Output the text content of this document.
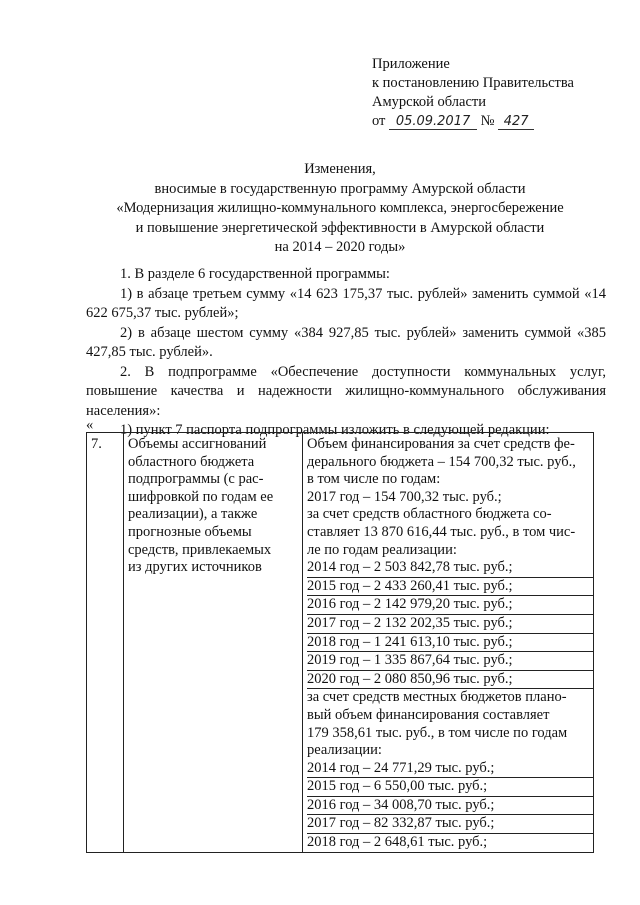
Приложение
к постановлению Правительства
Амурской области
от 05.09.2017 № 427
Изменения,
вносимые в государственную программу Амурской области
«Модернизация жилищно-коммунального комплекса, энергосбережение
и повышение энергетической эффективности в Амурской области
на 2014 – 2020 годы»

1. В разделе 6 государственной программы:

1) в абзаце третьем сумму «14 623 175,37 тыс. рублей» заменить суммой «14 622 675,37 тыс. рублей»;

2) в абзаце шестом сумму «384 927,85 тыс. рублей» заменить суммой «385 427,85 тыс. рублей».

2. В подпрограмме «Обеспечение доступности коммунальных услуг, повышение качества и надежности жилищно-коммунального обслуживания населения»:

1) пункт 7 паспорта подпрограммы изложить в следующей редакции:

«
7.	Объемы ассигнований
областного бюджета
подпрограммы (с рас-
шифровкой по годам ее
реализации), а также
прогнозные объемы
средств, привлекаемых
из других источников

Объем финансирования за счет средств фе-
дерального бюджета – 154 700,32 тыс. руб.,
в том числе по годам:
2017 год – 154 700,32 тыс. руб.;
за счет средств областного бюджета со-
ставляет 13 870 616,44 тыс. руб., в том чис-
ле по годам реализации:
2014 год – 2 503 842,78 тыс. руб.;
2015 год – 2 433 260,41 тыс. руб.;
2016 год – 2 142 979,20 тыс. руб.;
2017 год – 2 132 202,35 тыс. руб.;
2018 год – 1 241 613,10 тыс. руб.;
2019 год – 1 335 867,64 тыс. руб.;
2020 год – 2 080 850,96 тыс. руб.;
за счет средств местных бюджетов плано-
вый объем финансирования составляет
179 358,61 тыс. руб., в том числе по годам
реализации:
2014 год – 24 771,29 тыс. руб.;
2015 год – 6 550,00 тыс. руб.;
2016 год – 34 008,70 тыс. руб.;
2017 год – 82 332,87 тыс. руб.;
2018 год – 2 648,61 тыс. руб.;
